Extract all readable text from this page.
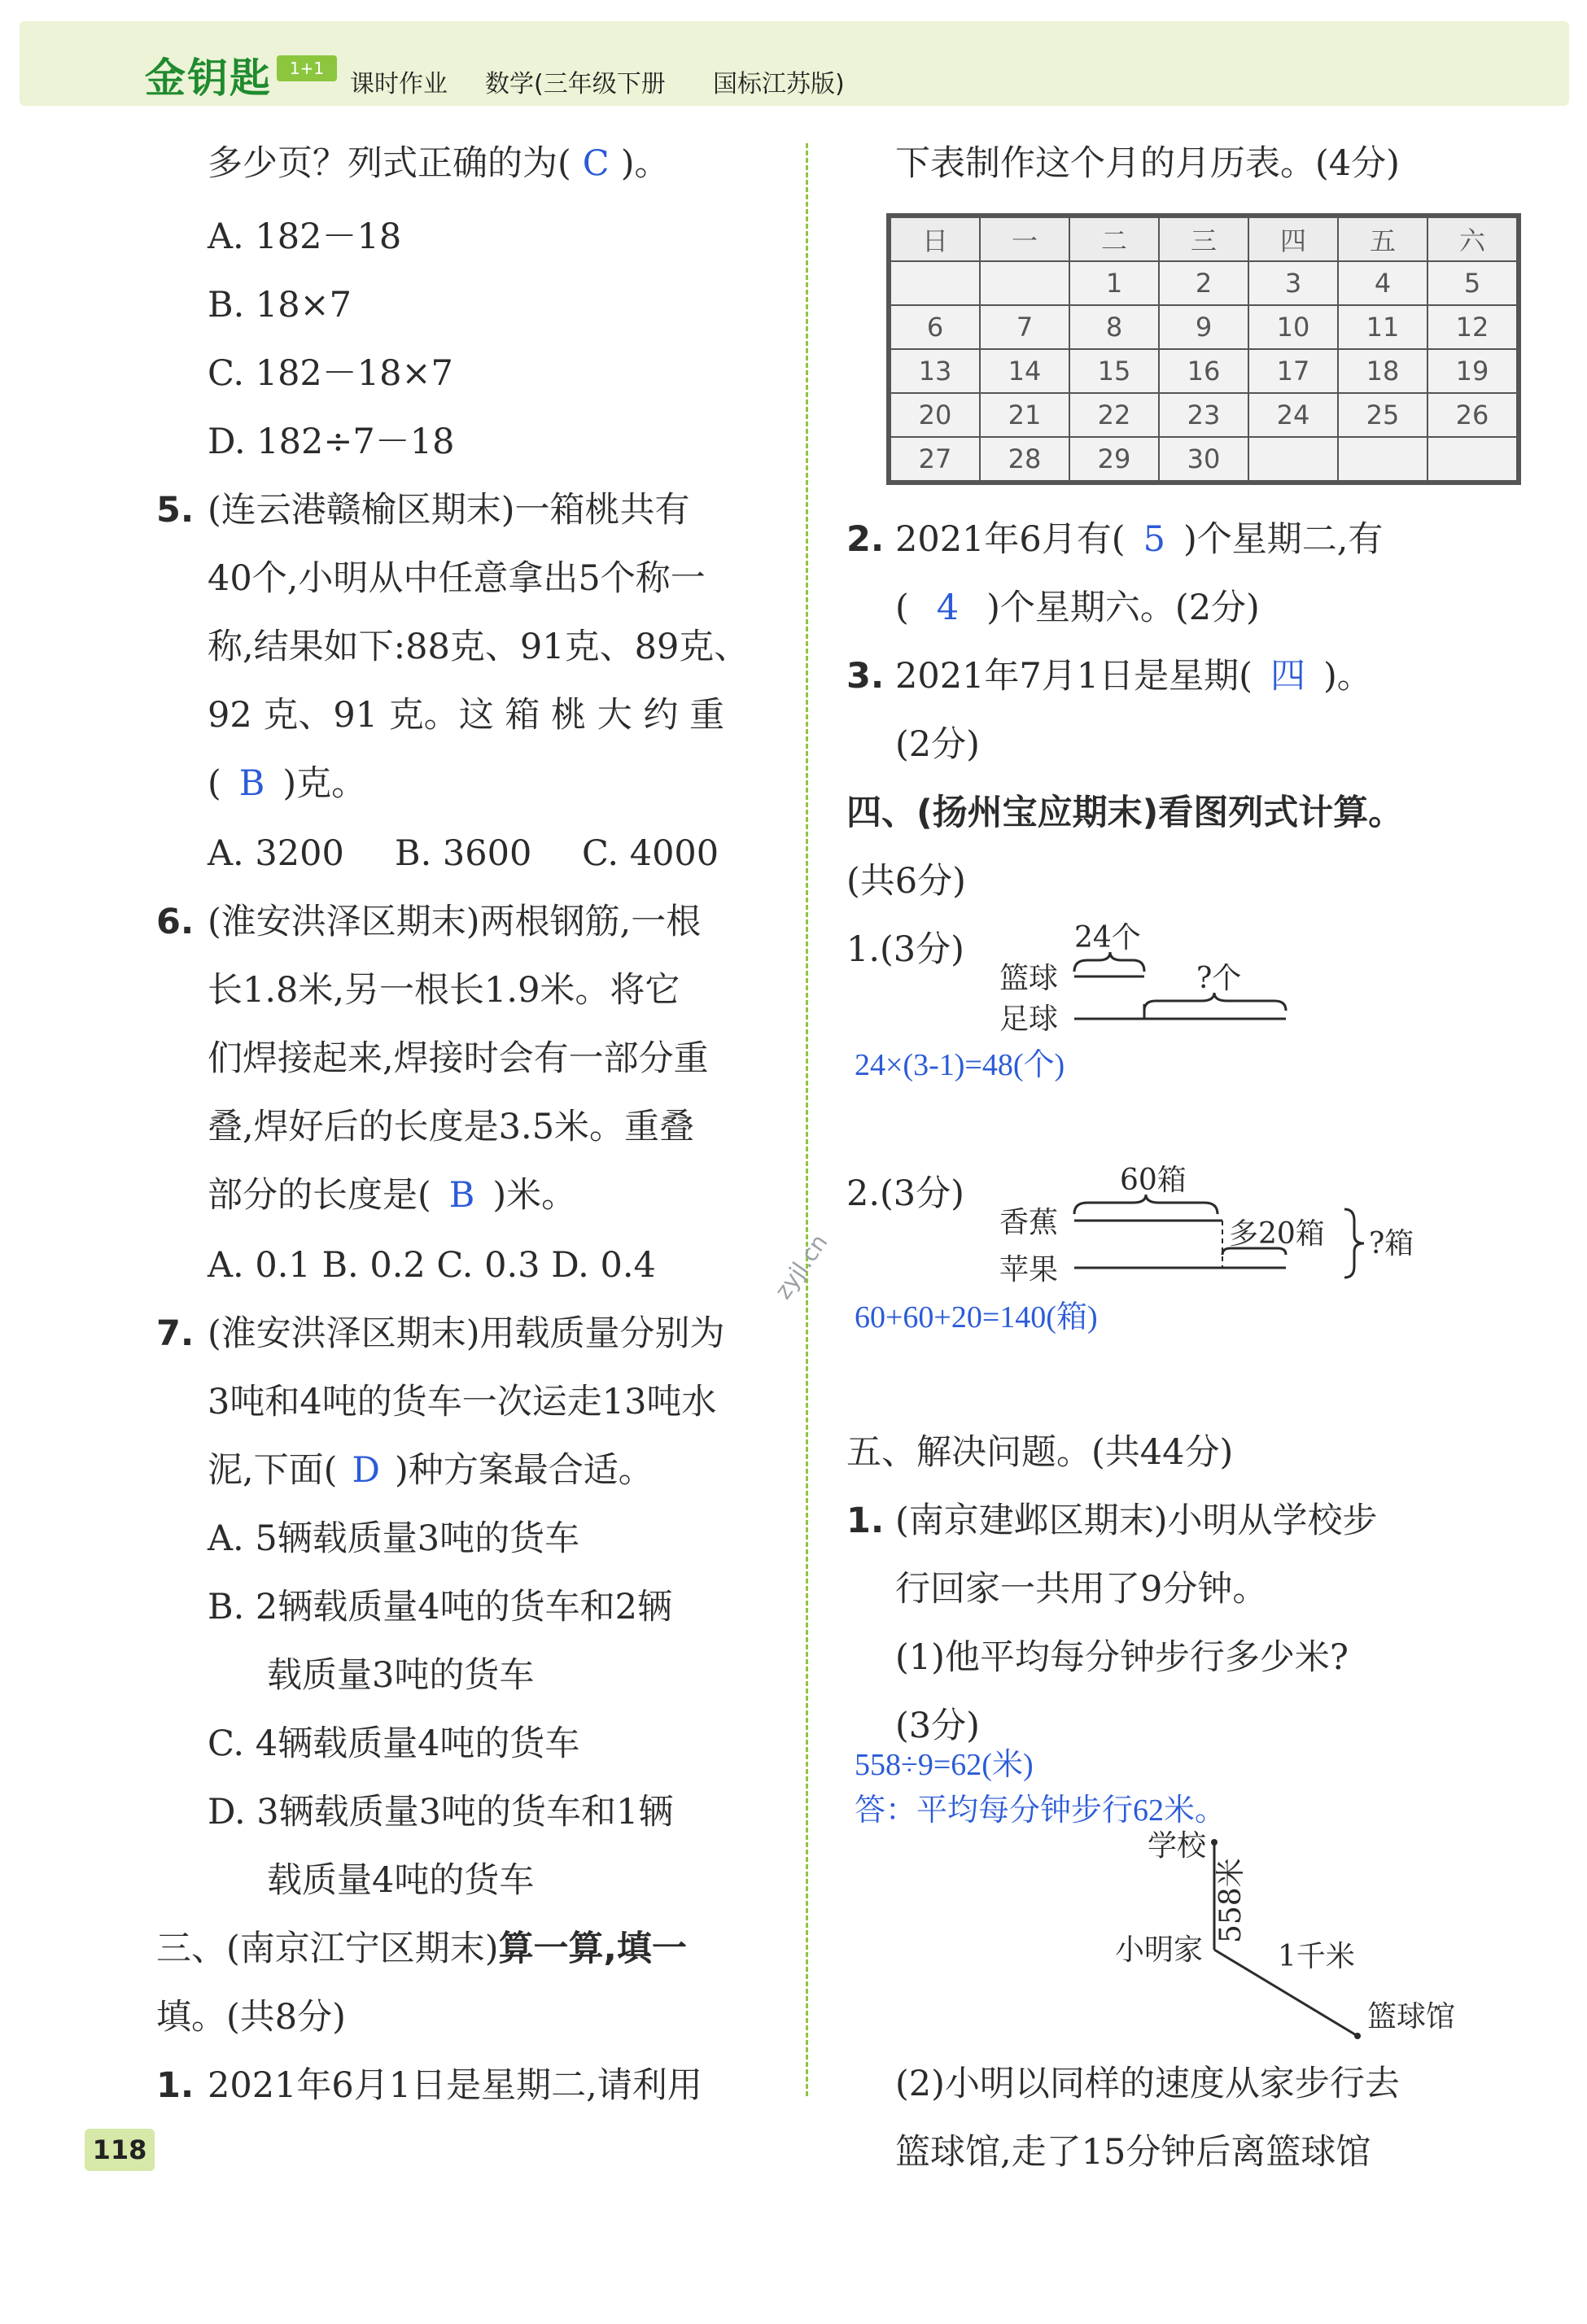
金钥匙	1+1
课时作业 数学(三年级下册 国标江苏版)
多少页？列式正确的为( C )。
A. 182－18
B. 18×7
C. 182－18×7
D. 182÷7－18
5. (连云港赣榆区期末)一箱桃共有
40个,小明从中任意拿出5个称一
称,结果如下:88克、91克、89克、
92 克、91 克。这 箱 桃 大 约 重
( B )克。
A. 3200 B. 3600 C. 4000
6. (淮安洪泽区期末)两根钢筋,一根
长1.8米,另一根长1.9米。将它
们焊接起来,焊接时会有一部分重
叠,焊好后的长度是3.5米。重叠
部分的长度是( B )米。
A. 0.1 B. 0.2 C. 0.3 D. 0.4
7. (淮安洪泽区期末)用载质量分别为
3吨和4吨的货车一次运走13吨水
泥,下面( D )种方案最合适。
A. 5辆载质量3吨的货车
B. 2辆载质量4吨的货车和2辆
载质量3吨的货车
C. 4辆载质量4吨的货车
D. 3辆载质量3吨的货车和1辆
载质量4吨的货车
三、(南京江宁区期末)算一算,填一
填。(共8分)
1. 2021年6月1日是星期二,请利用
118
zyjl.cn
下表制作这个月的月历表。(4分)
日	一	二	三	四	五	六
		1	2	3	4	5
6	7	8	9	10	11	12
13	14	15	16	17	18	19
20	21	22	23	24	25	26
27	28	29	30			
2. 2021年6月有( 5 )个星期二,有
( 4 )个星期六。(2分)
3. 2021年7月1日是星期( 四 )。
(2分)
四、(扬州宝应期末)看图列式计算。
(共6分)
1.(3分)	24个
篮球
足球
?个
24×(3-1)=48(个)
2.(3分)	60箱
香蕉
苹果
多20箱 ?箱
60+60+20=140(箱)
五、解决问题。(共44分)
1. (南京建邺区期末)小明从学校步
行回家一共用了9分钟。
(1)他平均每分钟步行多少米?
(3分)
558÷9=62(米)
答：平均每分钟步行62米。
学校
558米
小明家	1千米
篮球馆
(2)小明以同样的速度从家步行去
篮球馆,走了15分钟后离篮球馆
